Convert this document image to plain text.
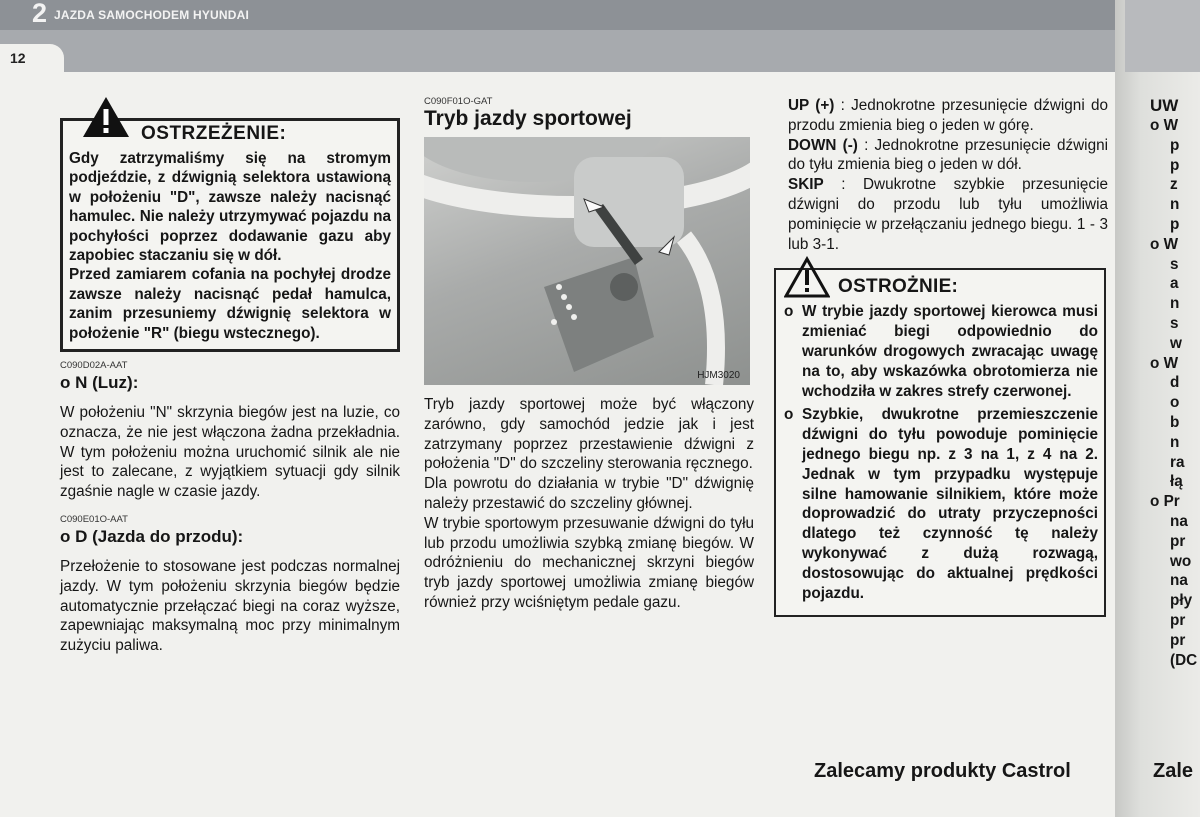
2 JAZDA SAMOCHODEM HYUNDAI
12
OSTRZEŻENIE:

Gdy zatrzymaliśmy się na stromym podjeździe, z dźwignią selektora ustawioną w położeniu "D", zawsze należy nacisnąć hamulec. Nie należy utrzymywać pojazdu na pochyłości poprzez dodawanie gazu aby zapobiec staczaniu się w dół.

Przed zamiarem cofania na pochyłej drodze zawsze należy nacisnąć pedał hamulca, zanim przesuniemy dźwignię selektora w położenie "R" (biegu wstecznego).

C090D02A-AAT
o N (Luz):

W położeniu "N" skrzynia biegów jest na luzie, co oznacza, że nie jest włączona żadna przekładnia. W tym położeniu można uruchomić silnik ale nie jest to zalecane, z wyjątkiem sytuacji gdy silnik zgaśnie nagle w czasie jazdy.

C090E01O-AAT
o D (Jazda do przodu):

Przełożenie to stosowane jest podczas normalnej jazdy. W tym położeniu skrzynia biegów będzie automatycznie przełączać biegi na coraz wyższe, zapewniając maksymalną moc przy minimalnym zużyciu paliwa.

C090F01O-GAT
Tryb jazdy sportowej
HJM3020

Tryb jazdy sportowej może być włączony zarówno, gdy samochód jedzie jak i jest zatrzymany poprzez przestawienie dźwigni z położenia "D" do szczeliny sterowania ręcznego.

Dla powrotu do działania w trybie "D" dźwignię należy przestawić do szczeliny głównej.

W trybie sportowym przesuwanie dźwigni do tyłu lub przodu umożliwia szybką zmianę biegów. W odróżnieniu do mechanicznej skrzyni biegów tryb jazdy sportowej umożliwia zmianę biegów również przy wciśniętym pedale gazu.

UP (+) : Jednokrotne przesunięcie dźwigni do przodu zmienia bieg o jeden w górę.

DOWN (-) : Jednokrotne przesunięcie dźwigni do tyłu zmienia bieg o jeden w dół.

SKIP : Dwukrotne szybkie przesunięcie dźwigni do przodu lub tyłu umożliwia pominięcie w przełączaniu jednego biegu. 1 - 3 lub 3-1.

OSTROŻNIE:
o W trybie jazdy sportowej kierowca musi zmieniać biegi odpowiednio do warunków drogowych zwracając uwagę na to, aby wskazówka obrotomierza nie wchodziła w zakres strefy czerwonej.
o Szybkie, dwukrotne przemieszczenie dźwigni do tyłu powoduje pominięcie jednego biegu np. z 3 na 1, z 4 na 2. Jednak w tym przypadku występuje silne hamowanie silnikiem, które może doprowadzić do utraty przyczepności dlatego też czynność tę należy wykonywać z dużą rozwagą, dostosowując do aktualnej prędkości pojazdu.
UW
o W
p
p
z
n
p
o W
s
a
n
s
w
o W
d
o
b
n
ra
łą
o Pr
na
pr
wo
na
pły
pr
pr
(DC
Zalecamy produkty Castrol	Zale
